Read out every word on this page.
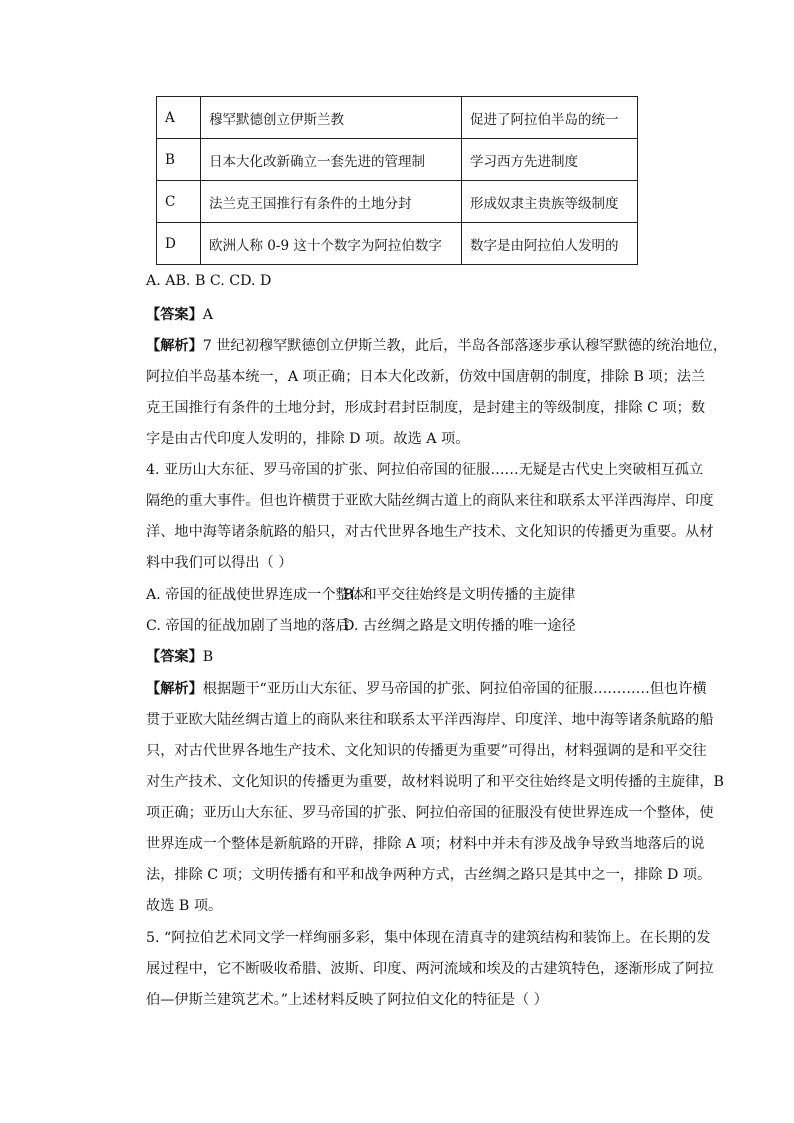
A	穆罕默德创立伊斯兰教	促进了阿拉伯半岛的统一
B	日本大化改新确立一套先进的管理制	学习西方先进制度
C	法兰克王国推行有条件的土地分封	形成奴隶主贵族等级制度
D	欧洲人称 0-9 这十个数字为阿拉伯数字	数字是由阿拉伯人发明的
A. AB. B C. CD. D
【答案】A
【解析】7 世纪初穆罕默德创立伊斯兰教，此后，半岛各部落逐步承认穆罕默德的统治地位，
阿拉伯半岛基本统一，A 项正确；日本大化改新，仿效中国唐朝的制度，排除 B 项；法兰
克王国推行有条件的土地分封，形成封君封臣制度，是封建主的等级制度，排除 C 项；数
字是由古代印度人发明的，排除 D 项。故选 A 项。
4. 亚历山大东征、罗马帝国的扩张、阿拉伯帝国的征服……无疑是古代史上突破相互孤立
隔绝的重大事件。但也许横贯于亚欧大陆丝绸古道上的商队来往和联系太平洋西海岸、印度
洋、地中海等诸条航路的船只，对古代世界各地生产技术、文化知识的传播更为重要。从材
料中我们可以得出（ ）
A. 帝国的征战使世界连成一个整体
B. 和平交往始终是文明传播的主旋律
C. 帝国的征战加剧了当地的落后
D. 古丝绸之路是文明传播的唯一途径
【答案】B
【解析】根据题干“亚历山大东征、罗马帝国的扩张、阿拉伯帝国的征服…………但也许横
贯于亚欧大陆丝绸古道上的商队来往和联系太平洋西海岸、印度洋、地中海等诸条航路的船
只，对古代世界各地生产技术、文化知识的传播更为重要”可得出，材料强调的是和平交往
对生产技术、文化知识的传播更为重要，故材料说明了和平交往始终是文明传播的主旋律，B
项正确；亚历山大东征、罗马帝国的扩张、阿拉伯帝国的征服没有使世界连成一个整体，使
世界连成一个整体是新航路的开辟，排除 A 项；材料中并未有涉及战争导致当地落后的说
法，排除 C 项；文明传播有和平和战争两种方式，古丝绸之路只是其中之一，排除 D 项。
故选 B 项。
5. “阿拉伯艺术同文学一样绚丽多彩，集中体现在清真寺的建筑结构和装饰上。在长期的发
展过程中，它不断吸收希腊、波斯、印度、两河流域和埃及的古建筑特色，逐渐形成了阿拉
伯—伊斯兰建筑艺术。”上述材料反映了阿拉伯文化的特征是（ ）
